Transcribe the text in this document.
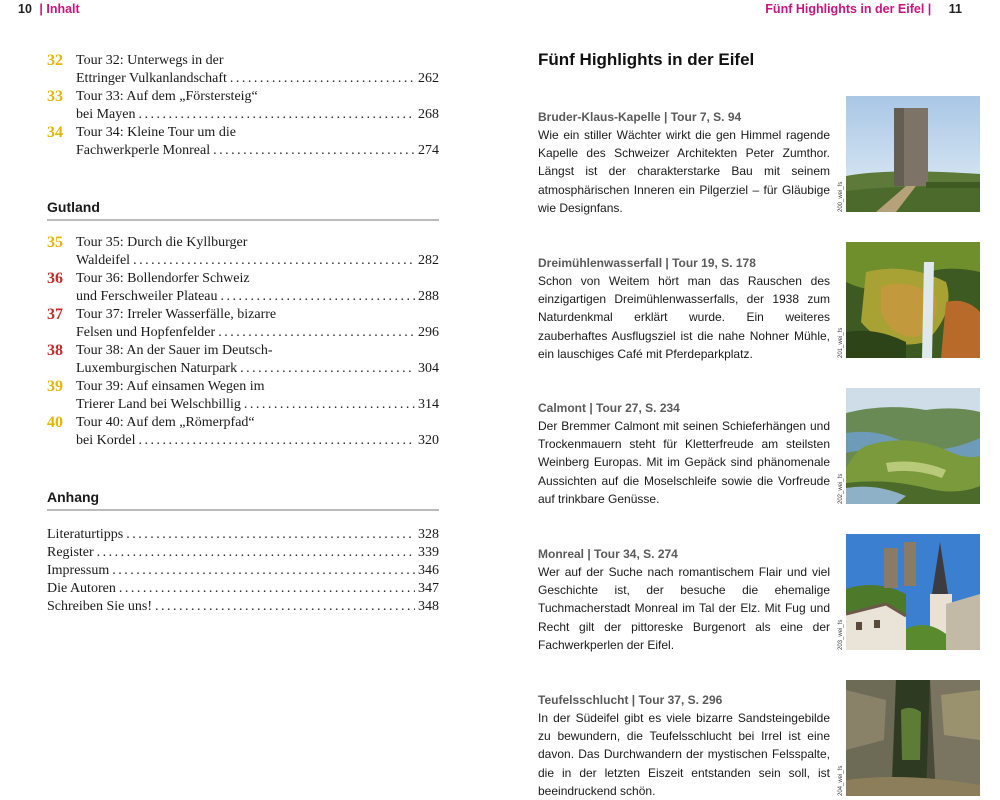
10 | Inhalt	Fünf Highlights in der Eifel | 11
32 Tour 32: Unterwegs in der
Ettringer Vulkanlandschaft . . .	262
33 Tour 33: Auf dem „Förstersteig“
bei Mayen . . .	268
34 Tour 34: Kleine Tour um die
Fachwerkperle Monreal . . .	274
Gutland
35 Tour 35: Durch die Kyllburger
Waldeifel . . .	282
36 Tour 36: Bollendorfer Schweiz
und Ferschweiler Plateau . . .	288
37 Tour 37: Irreler Wasserfälle, bizarre
Felsen und Hopfenfelder . . .	296
38 Tour 38: An der Sauer im Deutsch-
Luxemburgischen Naturpark . . .	304
39 Tour 39: Auf einsamen Wegen im
Trierer Land bei Welschbillig . . .	314
40 Tour 40: Auf dem „Römerpfad“
bei Kordel . . .	320
Anhang
Literaturtipps . . .	328
Register . . .	339
Impressum . . .	346
Die Autoren . . .	347
Schreiben Sie uns! . . .	348
Fünf Highlights in der Eifel
Bruder-Klaus-Kapelle | Tour 7, S. 94
Wie ein stiller Wächter wirkt die gen Himmel ragende Kapelle des Schweizer Architekten Peter Zumthor. Längst ist der charakterstarke Bau mit seinem atmosphärischen Inneren ein Pilgerziel – für Gläubige wie Designfans.	200_wei_fs
Dreimühlenwasserfall | Tour 19, S. 178
Schon von Weitem hört man das Rauschen des einzigartigen Dreimühlenwasserfalls, der 1938 zum Naturdenkmal erklärt wurde. Ein weiteres zauberhaftes Ausflugsziel ist die nahe Nohner Mühle, ein lauschiges Café mit Pferdeparkplatz.	201_wei_fs
Calmont | Tour 27, S. 234
Der Bremmer Calmont mit seinen Schieferhängen und Trockenmauern steht für Kletterfreude am steilsten Weinberg Europas. Mit im Gepäck sind phänomenale Aussichten auf die Moselschleife sowie die Vorfreude auf trinkbare Genüsse.	202_wei_fs
Monreal | Tour 34, S. 274
Wer auf der Suche nach romantischem Flair und viel Geschichte ist, der besuche die ehemalige Tuchmacherstadt Monreal im Tal der Elz. Mit Fug und Recht gilt der pittoreske Burgenort als eine der Fachwerkperlen der Eifel.	203_wei_fs
Teufelsschlucht | Tour 37, S. 296
In der Südeifel gibt es viele bizarre Sandsteingebilde zu bewundern, die Teufelsschlucht bei Irrel ist eine davon. Das Durchwandern der mystischen Felsspalte, die in der letzten Eiszeit entstanden sein soll, ist beeindruckend schön.	204_wei_fs
